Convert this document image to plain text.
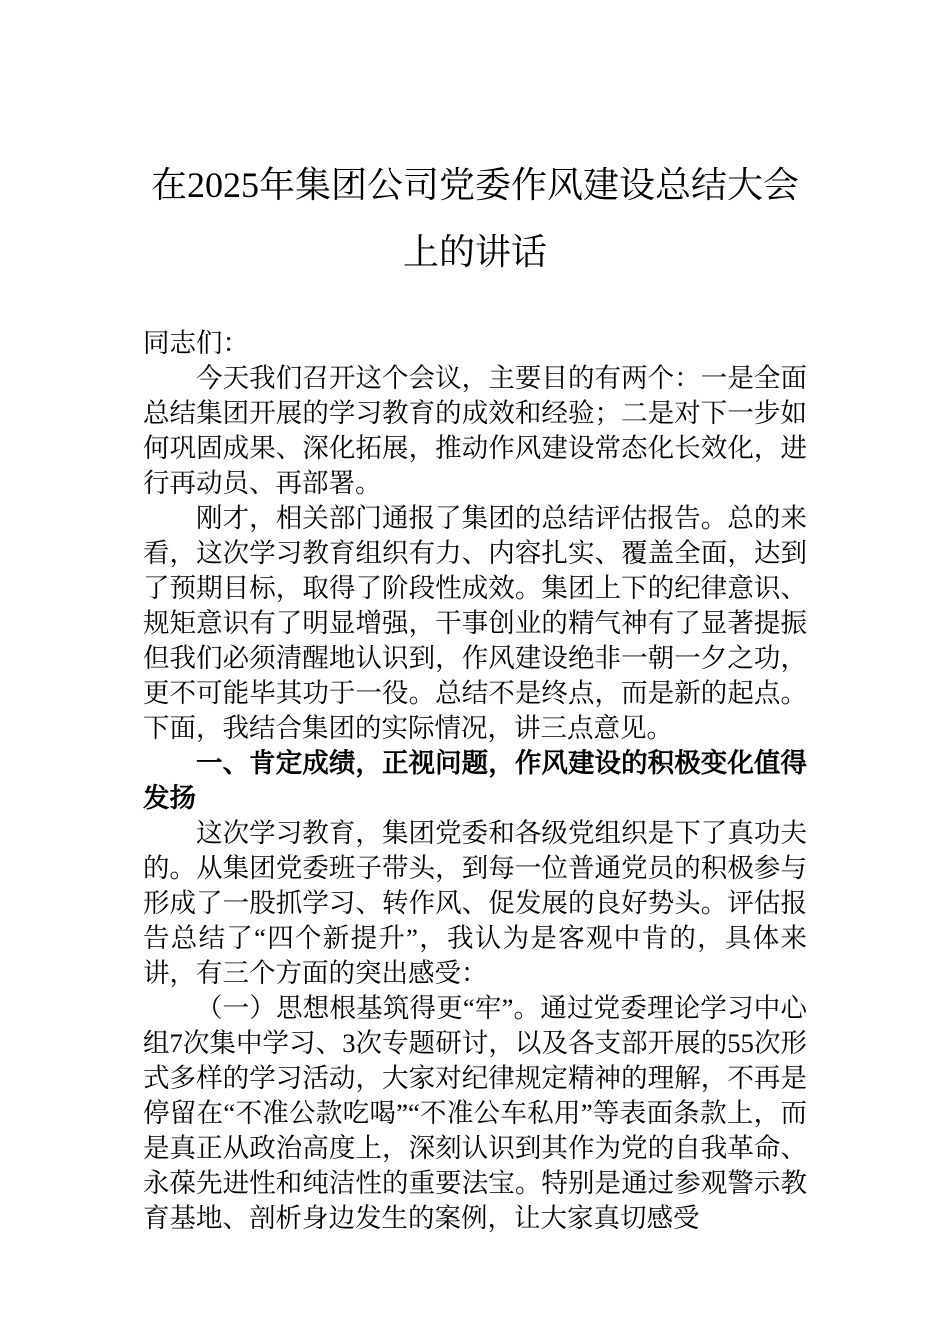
在2025年集团公司党委作风建设总结大会上的讲话

同志们：

今天我们召开这个会议，主要目的有两个：一是全面总结集团开展的学习教育的成效和经验；二是对下一步如何巩固成果、深化拓展，推动作风建设常态化长效化，进行再动员、再部署。

刚才，相关部门通报了集团的总结评估报告。总的来看，这次学习教育组织有力、内容扎实、覆盖全面，达到了预期目标，取得了阶段性成效。集团上下的纪律意识、规矩意识有了明显增强，干事创业的精气神有了显著提振但我们必须清醒地认识到，作风建设绝非一朝一夕之功，更不可能毕其功于一役。总结不是终点，而是新的起点。下面，我结合集团的实际情况，讲三点意见。

一、肯定成绩，正视问题，作风建设的积极变化值得发扬

这次学习教育，集团党委和各级党组织是下了真功夫的。从集团党委班子带头，到每一位普通党员的积极参与形成了一股抓学习、转作风、促发展的良好势头。评估报告总结了“四个新提升”，我认为是客观中肯的，具体来讲，有三个方面的突出感受：

（一）思想根基筑得更“牢”。通过党委理论学习中心组7次集中学习、3次专题研讨，以及各支部开展的55次形式多样的学习活动，大家对纪律规定精神的理解，不再是停留在“不准公款吃喝”“不准公车私用”等表面条款上，而是真正从政治高度上，深刻认识到其作为党的自我革命、永葆先进性和纯洁性的重要法宝。特别是通过参观警示教育基地、剖析身边发生的案例，让大家真切感受
